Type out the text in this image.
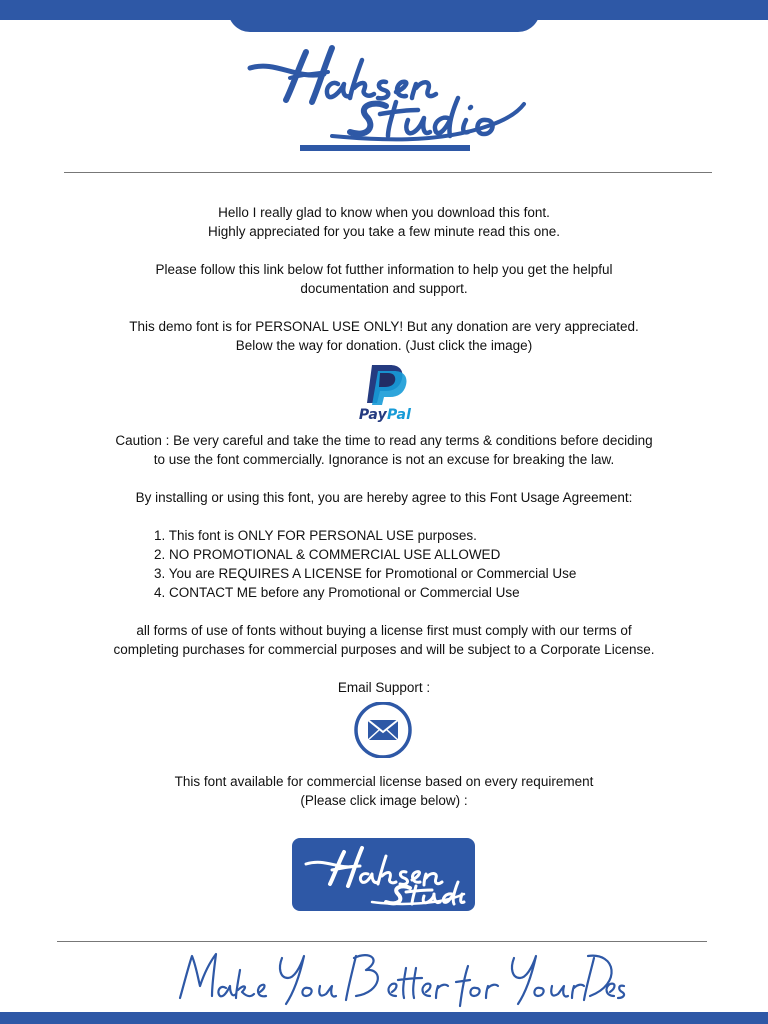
Hello I really glad to know when you download this font.
Highly appreciated for you take a few minute read this one.
Please follow this link below fot futther information to help you get the helpful
documentation and support.
This demo font is for PERSONAL USE ONLY! But any donation are very appreciated.
Below the way for donation. (Just click the image)
PayPal
Caution : Be very careful and take the time to read any terms & conditions before deciding
to use the font commercially. Ignorance is not an excuse for breaking the law.
By installing or using this font, you are hereby agree to this Font Usage Agreement:
1. This font is ONLY FOR PERSONAL USE purposes.
2. NO PROMOTIONAL & COMMERCIAL USE ALLOWED
3. You are REQUIRES A LICENSE for Promotional or Commercial Use
4. CONTACT ME before any Promotional or Commercial Use
all forms of use of fonts without buying a license first must comply with our terms of
completing purchases for commercial purposes and will be subject to a Corporate License.
Email Support :
This font available for commercial license based on every requirement
(Please click image below) :
